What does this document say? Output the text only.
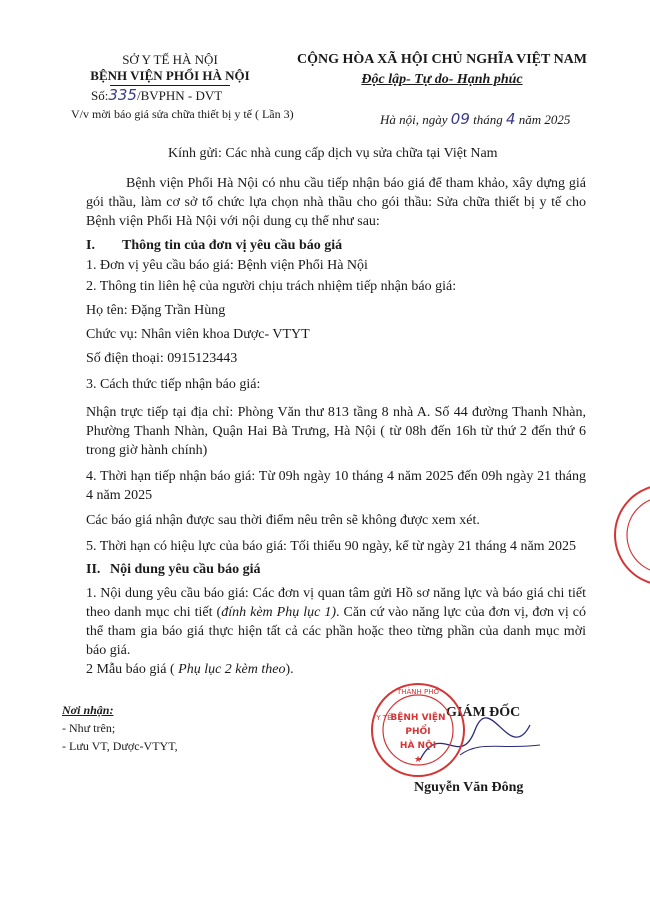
SỞ Y TẾ HÀ NỘI
BỆNH VIỆN PHỔI HÀ NỘI
Số:335/BVPHN - DVT
V/v mời báo giá sửa chữa thiết bị y tế ( Lần 3)
CỘNG HÒA XÃ HỘI CHỦ NGHĨA VIỆT NAM
Độc lập- Tự do- Hạnh phúc
Hà nội, ngày 09 tháng 4 năm 2025
Kính gửi: Các nhà cung cấp dịch vụ sửa chữa tại Việt Nam
Bệnh viện Phổi Hà Nội có nhu cầu tiếp nhận báo giá để tham khảo, xây dựng giá gói thầu, làm cơ sở tổ chức lựa chọn nhà thầu cho gói thầu: Sửa chữa thiết bị y tế cho Bệnh viện Phổi Hà Nội với nội dung cụ thể như sau:
I. Thông tin của đơn vị yêu cầu báo giá
1. Đơn vị yêu cầu báo giá: Bệnh viện Phổi Hà Nội
2. Thông tin liên hệ của người chịu trách nhiệm tiếp nhận báo giá:
Họ tên: Đặng Trần Hùng
Chức vụ: Nhân viên khoa Dược- VTYT
Số điện thoại: 0915123443
3. Cách thức tiếp nhận báo giá:
Nhận trực tiếp tại địa chỉ: Phòng Văn thư 813 tầng 8 nhà A. Số 44 đường Thanh Nhàn, Phường Thanh Nhàn, Quận Hai Bà Trưng, Hà Nội ( từ 08h đến 16h từ thứ 2 đến thứ 6 trong giờ hành chính)
4. Thời hạn tiếp nhận báo giá: Từ 09h ngày 10 tháng 4 năm 2025 đến 09h ngày 21 tháng 4 năm 2025
Các báo giá nhận được sau thời điểm nêu trên sẽ không được xem xét.
5. Thời hạn có hiệu lực của báo giá: Tối thiểu 90 ngày, kể từ ngày 21 tháng 4 năm 2025
II. Nội dung yêu cầu báo giá
1. Nội dung yêu cầu báo giá: Các đơn vị quan tâm gửi Hồ sơ năng lực và báo giá chi tiết theo danh mục chi tiết (đính kèm Phụ lục 1). Căn cứ vào năng lực của đơn vị, đơn vị có thể tham gia báo giá thực hiện tất cả các phần hoặc theo từng phần của danh mục mời báo giá.
2 Mẫu báo giá ( Phụ lục 2 kèm theo).
Nơi nhận:
- Như trên;
- Lưu VT, Dược-VTYT,
GIÁM ĐỐC
Nguyễn Văn Đông
THÀNH PHỐ
Y TẾ
BỆNH VIỆN
PHỔI
HÀ NỘI
★
